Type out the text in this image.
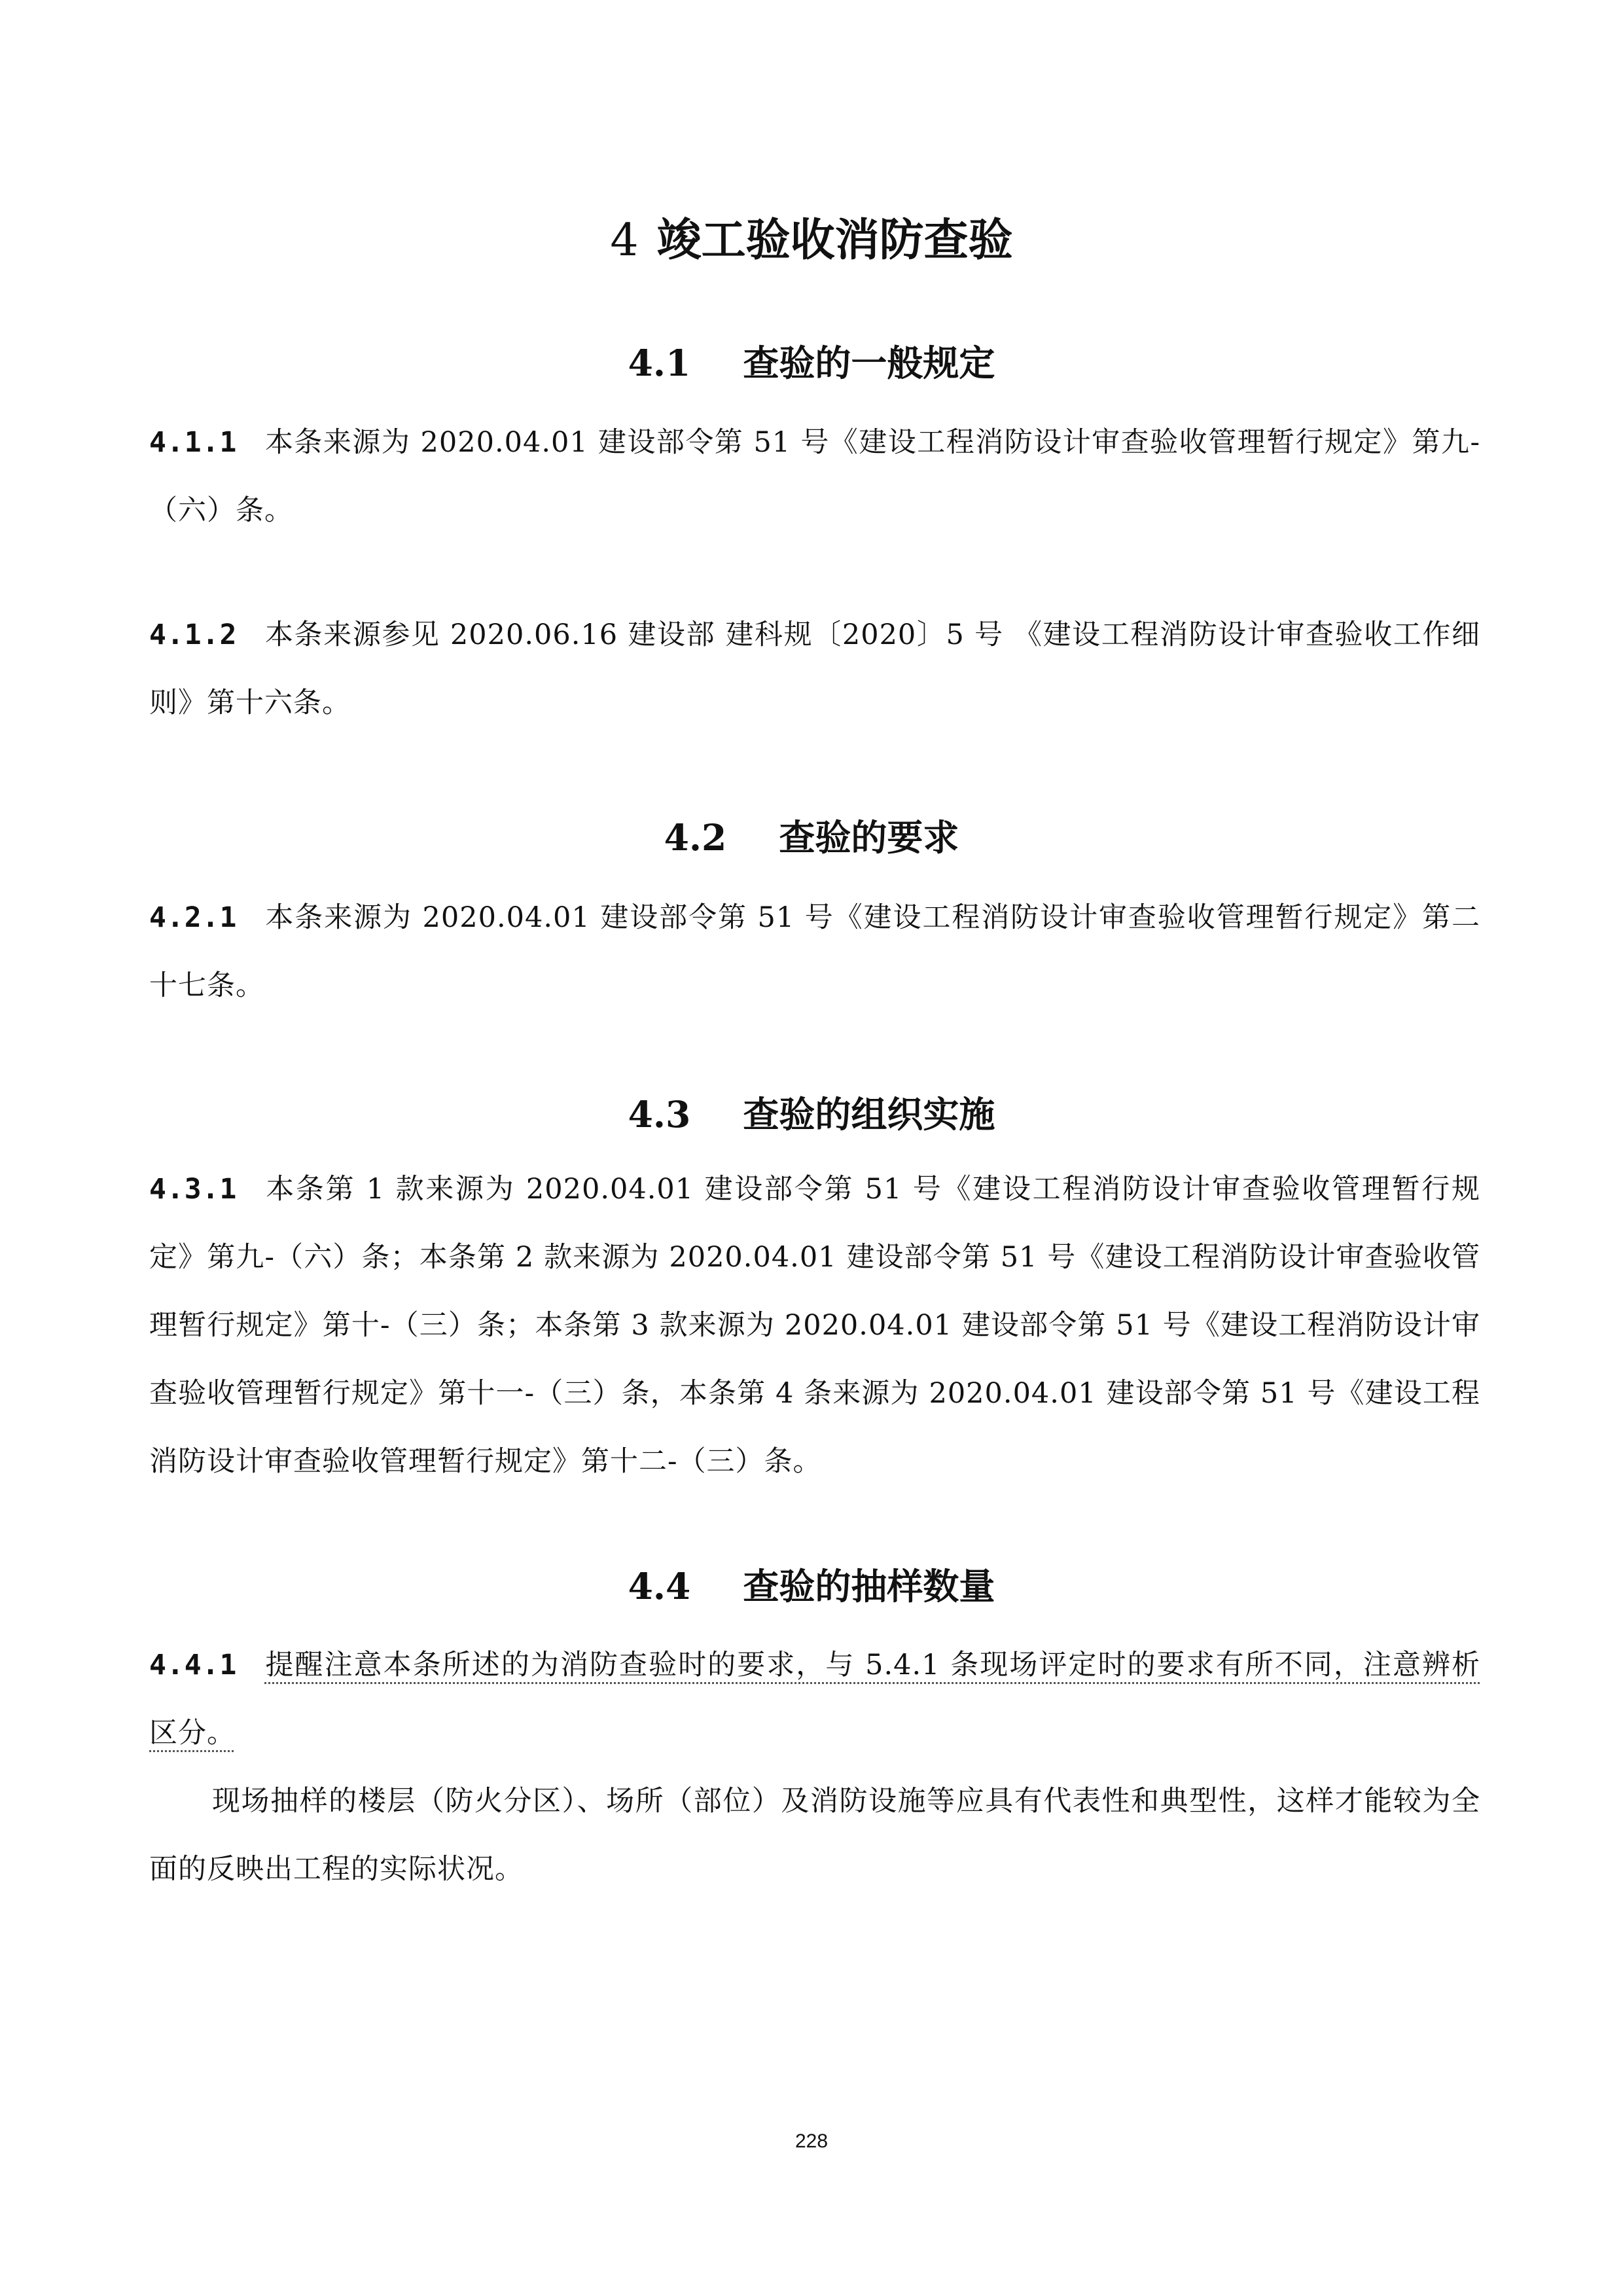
4 竣工验收消防查验
4.1 查验的一般规定

4.1.1 本条来源为 2020.04.01 建设部令第 51 号《建设工程消防设计审查验收管理暂行规定》第九-（六）条。

4.1.2 本条来源参见 2020.06.16 建设部 建科规〔2020〕5 号 《建设工程消防设计审查验收工作细则》第十六条。

4.2 查验的要求

4.2.1 本条来源为 2020.04.01 建设部令第 51 号《建设工程消防设计审查验收管理暂行规定》第二十七条。

4.3 查验的组织实施

4.3.1 本条第 1 款来源为 2020.04.01 建设部令第 51 号《建设工程消防设计审查验收管理暂行规定》第九-（六）条；本条第 2 款来源为 2020.04.01 建设部令第 51 号《建设工程消防设计审查验收管理暂行规定》第十-（三）条；本条第 3 款来源为 2020.04.01 建设部令第 51 号《建设工程消防设计审查验收管理暂行规定》第十一-（三）条，本条第 4 条来源为 2020.04.01 建设部令第 51 号《建设工程消防设计审查验收管理暂行规定》第十二-（三）条。

4.4 查验的抽样数量

4.4.1 提醒注意本条所述的为消防查验时的要求，与 5.4.1 条现场评定时的要求有所不同，注意辨析区分。

现场抽样的楼层（防火分区）、场所（部位）及消防设施等应具有代表性和典型性，这样才能较为全面的反映出工程的实际状况。

228
